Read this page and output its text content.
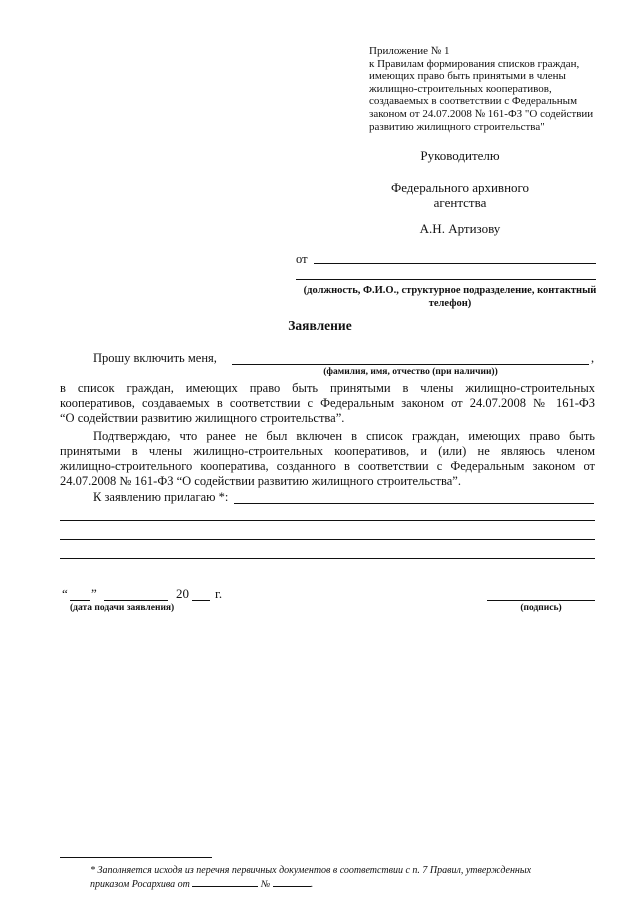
Приложение № 1
к Правилам формирования списков граждан,
имеющих право быть принятыми в члены
жилищно-строительных кооперативов,
создаваемых в соответствии с Федеральным
законом от 24.07.2008 № 161-ФЗ "О содействии
развитию жилищного строительства"
Руководителю
Федерального архивного
агентства
А.Н. Артизову
от
(должность, Ф.И.О., структурное подразделение, контактный
телефон)
Заявление
Прошу включить меня,	,
(фамилия, имя, отчество (при наличии))
в список граждан, имеющих право быть принятыми в члены жилищно-строительных
кооперативов, создаваемых в соответствии с Федеральным законом от 24.07.2008 № 161-ФЗ
“О содействии развитию жилищного строительства”.
Подтверждаю, что ранее не был включен в список граждан, имеющих право быть
принятыми в члены жилищно-строительных кооперативов, и (или) не являюсь членом
жилищно-строительного кооператива, созданного в соответствии с Федеральным законом от
24.07.2008 № 161-ФЗ “О содействии развитию жилищного строительства”.
К заявлению прилагаю *:
“ ”	20 г.
(дата подачи заявления)	(подпись)
* Заполняется исходя из перечня первичных документов в соответствии с п. 7 Правил, утвержденных
приказом Росархива от	№	.
